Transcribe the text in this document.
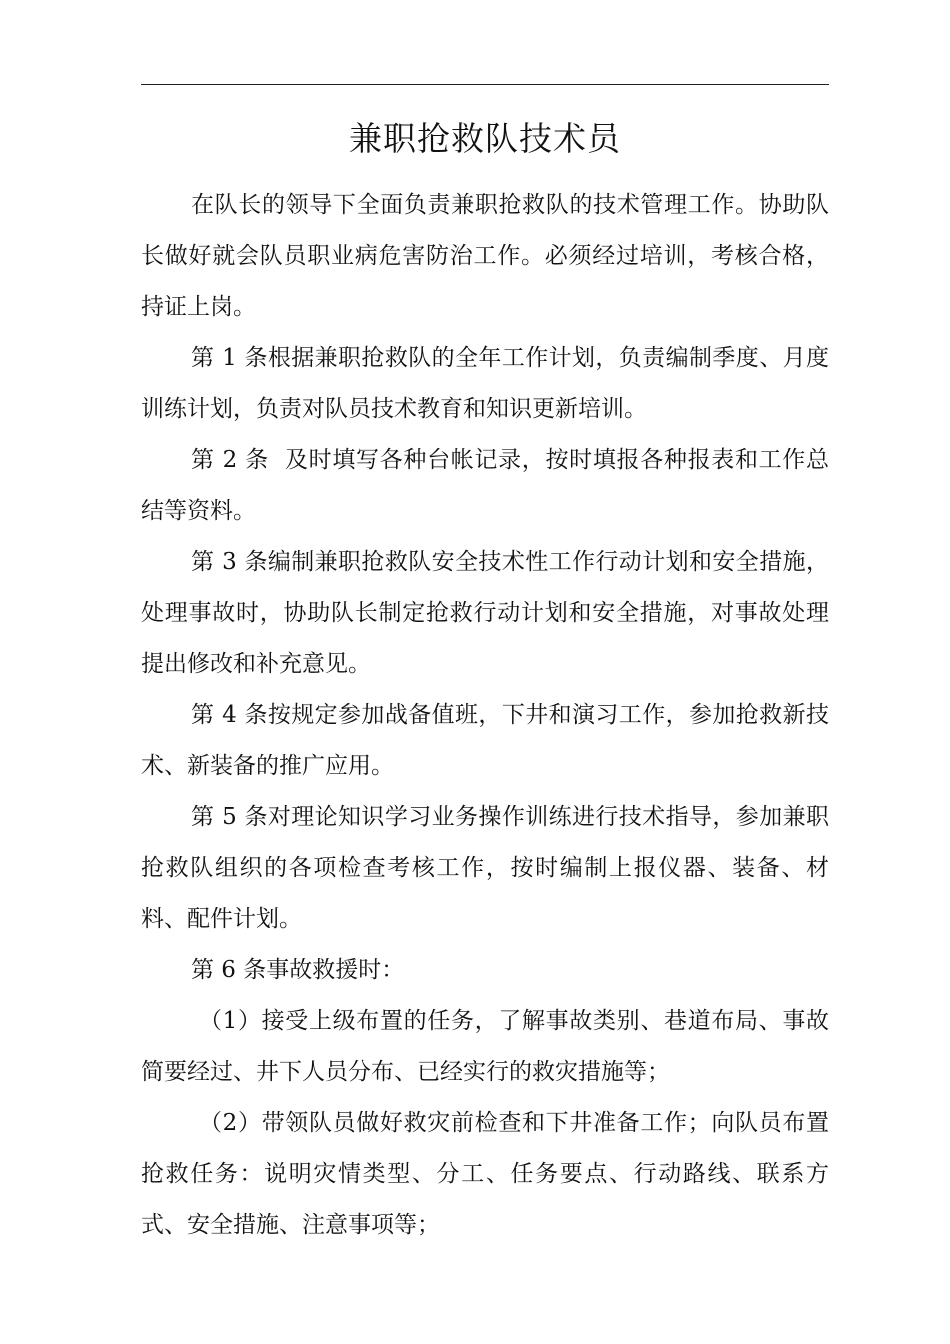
兼职抢救队技术员

在队长的领导下全面负责兼职抢救队的技术管理工作。协助队长做好就会队员职业病危害防治工作。必须经过培训，考核合格，持证上岗。

第 1 条根据兼职抢救队的全年工作计划，负责编制季度、月度训练计划，负责对队员技术教育和知识更新培训。

第 2 条  及时填写各种台帐记录，按时填报各种报表和工作总结等资料。

第 3 条编制兼职抢救队安全技术性工作行动计划和安全措施，处理事故时，协助队长制定抢救行动计划和安全措施，对事故处理提出修改和补充意见。

第 4 条按规定参加战备值班，下井和演习工作，参加抢救新技术、新装备的推广应用。

第 5 条对理论知识学习业务操作训练进行技术指导，参加兼职抢救队组织的各项检查考核工作，按时编制上报仪器、装备、材料、配件计划。

第 6 条事故救援时：

（1）接受上级布置的任务，了解事故类别、巷道布局、事故简要经过、井下人员分布、已经实行的救灾措施等；

（2）带领队员做好救灾前检查和下井准备工作；向队员布置抢救任务：说明灾情类型、分工、任务要点、行动路线、联系方式、安全措施、注意事项等；
